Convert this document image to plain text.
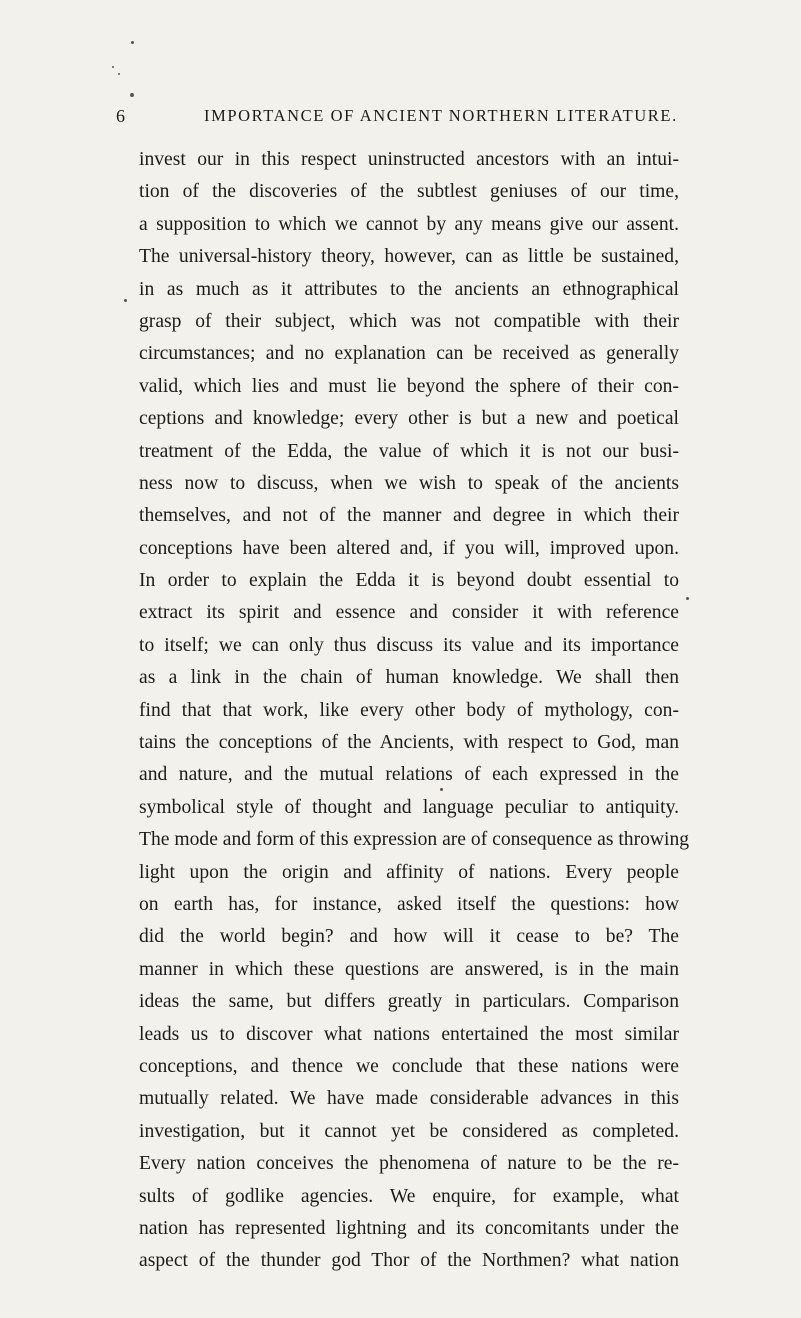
6	IMPORTANCE OF ANCIENT NORTHERN LITERATURE.
invest our in this respect uninstructed ancestors with an intui-
tion of the discoveries of the subtlest geniuses of our time,
a supposition to which we cannot by any means give our assent.
The universal-history theory, however, can as little be sustained,
in as much as it attributes to the ancients an ethnographical
grasp of their subject, which was not compatible with their
circumstances; and no explanation can be received as generally
valid, which lies and must lie beyond the sphere of their con-
ceptions and knowledge; every other is but a new and poetical
treatment of the Edda, the value of which it is not our busi-
ness now to discuss, when we wish to speak of the ancients
themselves, and not of the manner and degree in which their
conceptions have been altered and, if you will, improved upon.
In order to explain the Edda it is beyond doubt essential to
extract its spirit and essence and consider it with reference
to itself; we can only thus discuss its value and its importance
as a link in the chain of human knowledge. We shall then
find that that work, like every other body of mythology, con-
tains the conceptions of the Ancients, with respect to God, man
and nature, and the mutual relations of each expressed in the
symbolical style of thought and language peculiar to antiquity.
The mode and form of this expression are of consequence as throwing
light upon the origin and affinity of nations. Every people
on earth has, for instance, asked itself the questions: how
did the world begin? and how will it cease to be? The
manner in which these questions are answered, is in the main
ideas the same, but differs greatly in particulars. Comparison
leads us to discover what nations entertained the most similar
conceptions, and thence we conclude that these nations were
mutually related. We have made considerable advances in this
investigation, but it cannot yet be considered as completed.
Every nation conceives the phenomena of nature to be the re-
sults of godlike agencies. We enquire, for example, what
nation has represented lightning and its concomitants under the
aspect of the thunder god Thor of the Northmen? what nation
